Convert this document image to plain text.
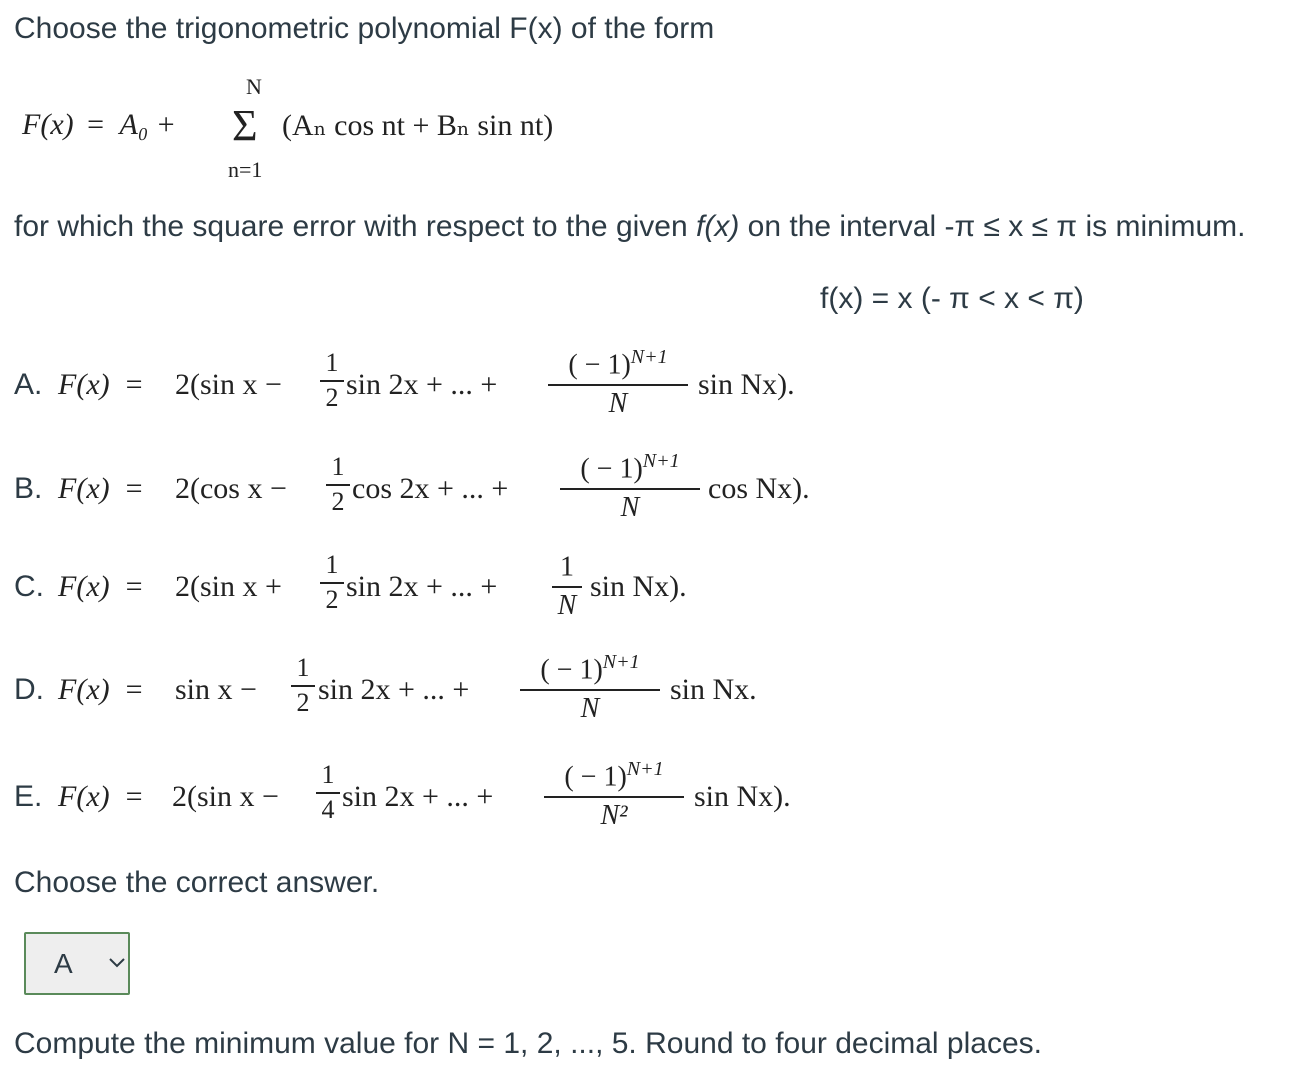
Choose the trigonometric polynomial F(x) of the form
F(x) = A₀ +
N
Σ
n=1
(Aₙ cos nt + Bₙ sin nt)
for which the square error with respect to the given f(x) on the interval -π ≤ x ≤ π is minimum.
f(x) = x (- π < x < π)
A. F(x) = 2(sin x −
1
2 sin 2x + ... +
( − 1)$^{N+1}$
N
sin Nx).
B. F(x) = 2(cos x −
1
2 cos 2x + ... +
( − 1)$^{N+1}$
N
cos Nx).
C. F(x) = 2(sin x +
1
2 sin 2x + ... +
1
N
sin Nx).
D. F(x) = sin x −
1
2 sin 2x + ... +
( − 1)$^{N+1}$
N
sin Nx.
E. F(x) = 2(sin x −
1
4 sin 2x + ... +
( − 1)$^{N+1}$
N²
sin Nx).
Choose the correct answer.
A
Compute the minimum value for N = 1, 2, ..., 5. Round to four decimal places.
